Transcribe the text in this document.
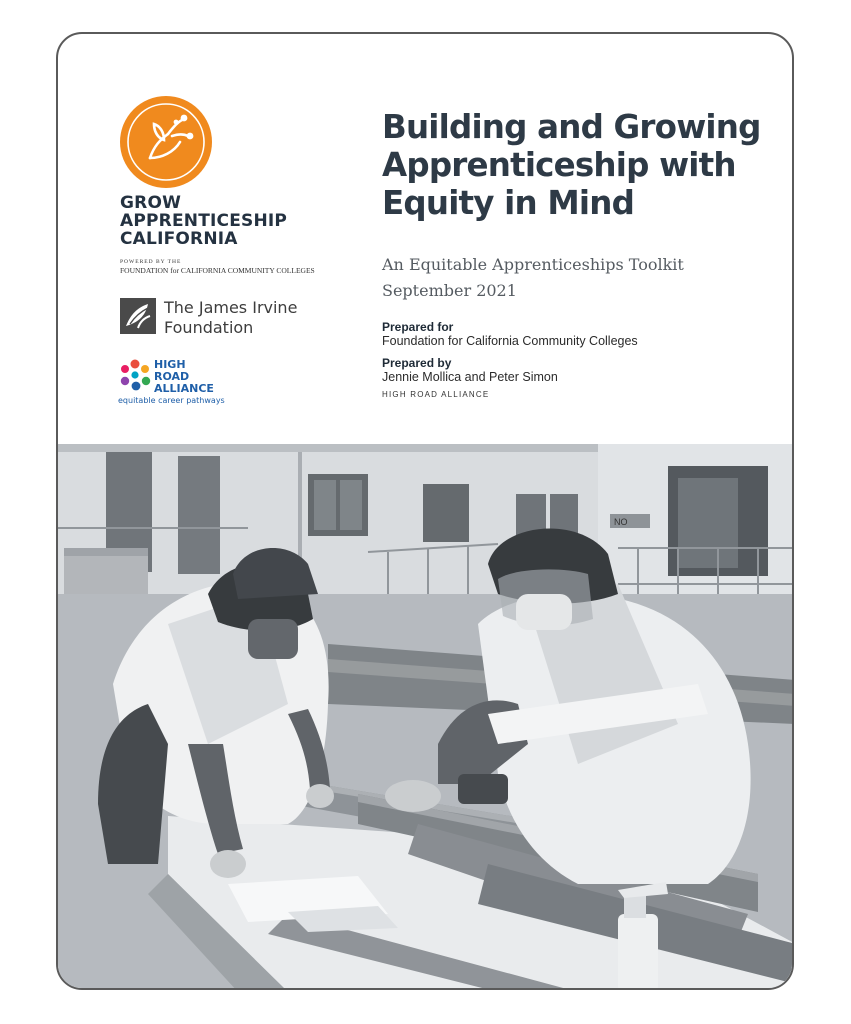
GROW
APPRENTICESHIP
CALIFORNIA
POWERED BY THE
FOUNDATION for CALIFORNIA COMMUNITY COLLEGES
The James Irvine
Foundation
HIGH
ROAD
ALLIANCE
equitable career pathways
Building and Growing
Apprenticeship with
Equity in Mind
An Equitable Apprenticeships Toolkit
September 2021
Prepared for
Foundation for California Community Colleges
Prepared by
Jennie Mollica and Peter Simon
HIGH ROAD ALLIANCE
NO
